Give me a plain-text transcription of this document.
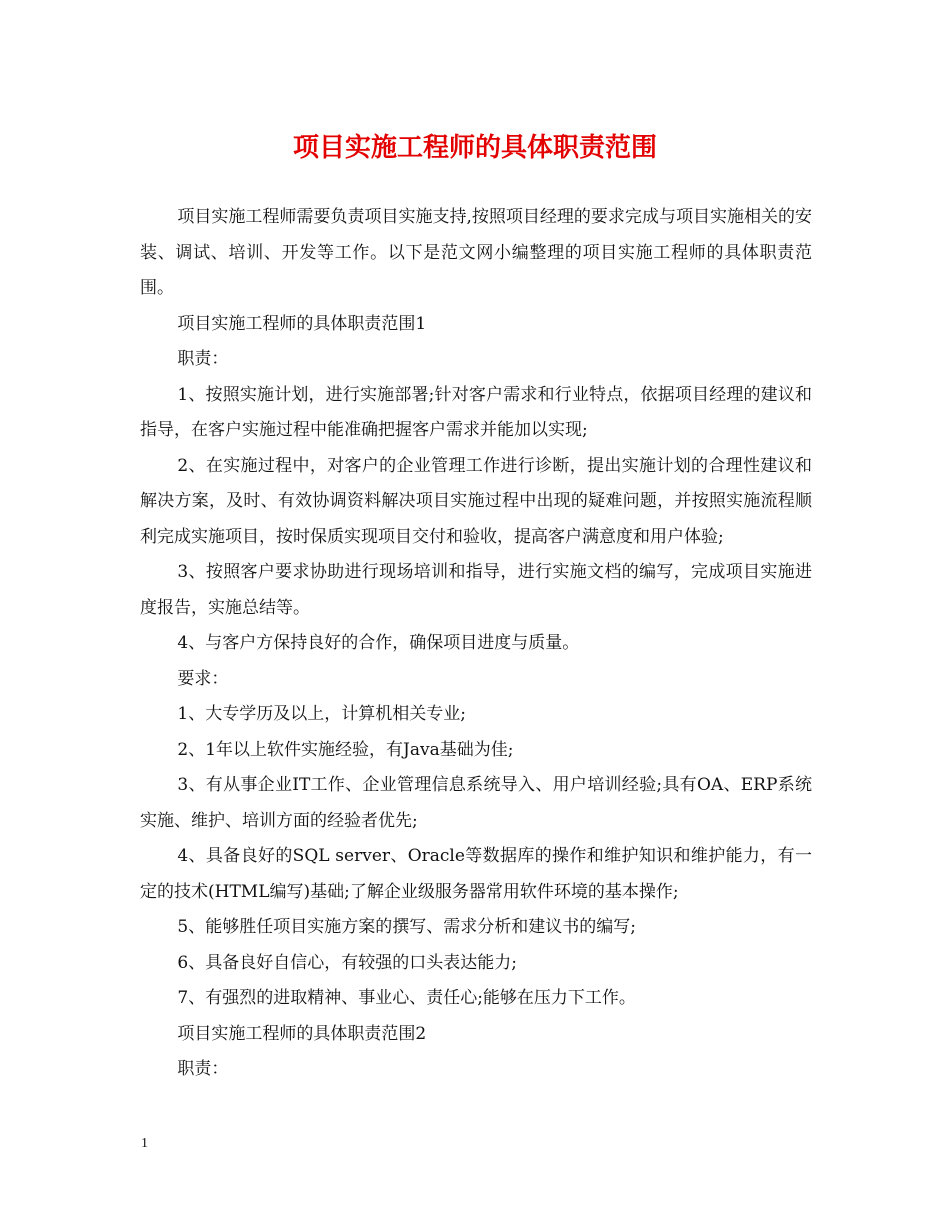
项目实施工程师的具体职责范围

项目实施工程师需要负责项目实施支持,按照项目经理的要求完成与项目实施相关的安装、调试、培训、开发等工作。以下是范文网小编整理的项目实施工程师的具体职责范围。

项目实施工程师的具体职责范围1

职责：

1、按照实施计划，进行实施部署;针对客户需求和行业特点，依据项目经理的建议和指导，在客户实施过程中能准确把握客户需求并能加以实现;

2、在实施过程中，对客户的企业管理工作进行诊断，提出实施计划的合理性建议和解决方案，及时、有效协调资料解决项目实施过程中出现的疑难问题，并按照实施流程顺利完成实施项目，按时保质实现项目交付和验收，提高客户满意度和用户体验;

3、按照客户要求协助进行现场培训和指导，进行实施文档的编写，完成项目实施进度报告，实施总结等。

4、与客户方保持良好的合作，确保项目进度与质量。

要求：

1、大专学历及以上，计算机相关专业;

2、1年以上软件实施经验，有Java基础为佳;

3、有从事企业IT工作、企业管理信息系统导入、用户培训经验;具有OA、ERP系统实施、维护、培训方面的经验者优先;

4、具备良好的SQL server、Oracle等数据库的操作和维护知识和维护能力，有一定的技术(HTML编写)基础;了解企业级服务器常用软件环境的基本操作;

5、能够胜任项目实施方案的撰写、需求分析和建议书的编写;

6、具备良好自信心，有较强的口头表达能力;

7、有强烈的进取精神、事业心、责任心;能够在压力下工作。

项目实施工程师的具体职责范围2

职责：

1
